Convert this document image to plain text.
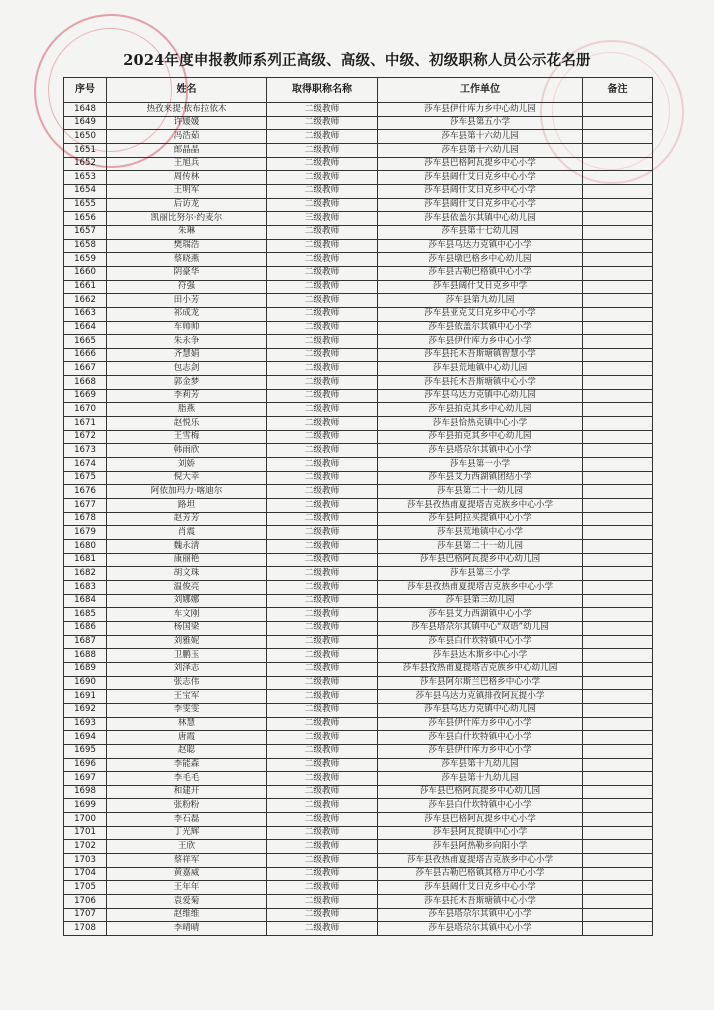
2024年度申报教师系列正高级、高级、中级、初级职称人员公示花名册
序号	姓名	取得职称名称	工作单位	备注
1648	热孜来提·依布拉依木	二级教师	莎车县伊什库力乡中心幼儿园	
1649	许媛媛	二级教师	莎车县第五小学	
1650	冯浩茹	二级教师	莎车县第十六幼儿园	
1651	郎晶晶	二级教师	莎车县第十六幼儿园	
1652	王旭兵	二级教师	莎车县巴格阿瓦提乡中心小学	
1653	周传林	二级教师	莎车县阔什艾日克乡中心小学	
1654	王明军	二级教师	莎车县阔什艾日克乡中心小学	
1655	后访龙	二级教师	莎车县阔什艾日克乡中心小学	
1656	凯丽比努尔·约麦尔	三级教师	莎车县依盖尔其镇中心幼儿园	
1657	朱琳	二级教师	莎车县第十七幼儿园	
1658	樊瑞浩	二级教师	莎车县乌达力克镇中心小学	
1659	蔡晓燕	二级教师	莎车县墩巴格乡中心幼儿园	
1660	阴豪华	二级教师	莎车县古勒巴格镇中心小学	
1661	符强	二级教师	莎车县阔什艾日克乡中学	
1662	田小芳	二级教师	莎车县第九幼儿园	
1663	祁成龙	二级教师	莎车县亚克艾日克乡中心小学	
1664	车帅帅	二级教师	莎车县依盖尔其镇中心小学	
1665	朱永争	二级教师	莎车县伊什库力乡中心小学	
1666	齐慧娟	二级教师	莎车县托木吾斯塘镇智慧小学	
1667	包志剑	二级教师	莎车县荒地镇中心幼儿园	
1668	郭金梦	二级教师	莎车县托木吾斯塘镇中心小学	
1669	李莉芳	二级教师	莎车县乌达力克镇中心幼儿园	
1670	脂燕	二级教师	莎车县拍克其乡中心幼儿园	
1671	赵悦乐	二级教师	莎车县恰热克镇中心小学	
1672	王雪梅	二级教师	莎车县拍克其乡中心幼儿园	
1673	韩雨欣	二级教师	莎车县塔尕尔其镇中心小学	
1674	刘娇	二级教师	莎车县第一小学	
1675	倪大幸	二级教师	莎车县艾力西湖镇团结小学	
1676	阿依加玛力·喀迪尔	二级教师	莎车县第二十一幼儿园	
1677	路坦	二级教师	莎车县孜热甫夏提塔吉克族乡中心小学	
1678	赵芳芳	二级教师	莎车县阿拉买提镇中心小学	
1679	肖震	二级教师	莎车县荒地镇中心小学	
1680	魏永清	二级教师	莎车县第二十一幼儿园	
1681	康丽艳	二级教师	莎车县巴格阿瓦提乡中心幼儿园	
1682	胡文珠	二级教师	莎车县第三小学	
1683	温俊亮	二级教师	莎车县孜热甫夏提塔吉克族乡中心小学	
1684	刘娜娜	二级教师	莎车县第三幼儿园	
1685	车文刚	二级教师	莎车县艾力西湖镇中心小学	
1686	杨国梁	二级教师	莎车县塔尕尔其镇中心“双语”幼儿园	
1687	刘雅妮	二级教师	莎车县白什坎特镇中心小学	
1688	卫鹏玉	二级教师	莎车县达木斯乡中心小学	
1689	刘泽志	二级教师	莎车县孜热甫夏提塔吉克族乡中心幼儿园	
1690	张志伟	二级教师	莎车县阿尔斯兰巴格乡中心小学	
1691	王宝军	二级教师	莎车县乌达力克镇排孜阿瓦提小学	
1692	李雯雯	二级教师	莎车县乌达力克镇中心幼儿园	
1693	林慧	二级教师	莎车县伊什库力乡中心小学	
1694	唐霞	二级教师	莎车县白什坎特镇中心小学	
1695	赵聪	二级教师	莎车县伊什库力乡中心小学	
1696	李能森	二级教师	莎车县第十九幼儿园	
1697	李毛毛	二级教师	莎车县第十九幼儿园	
1698	和建开	二级教师	莎车县巴格阿瓦提乡中心幼儿园	
1699	张粉粉	二级教师	莎车县白什坎特镇中心小学	
1700	李石磊	二级教师	莎车县巴格阿瓦提乡中心小学	
1701	丁光辉	二级教师	莎车县阿瓦提镇中心小学	
1702	王欣	二级教师	莎车县阿热勒乡向阳小学	
1703	蔡祥军	二级教师	莎车县孜热甫夏提塔吉克族乡中心小学	
1704	黄嘉威	二级教师	莎车县古勒巴格镇其格万中心小学	
1705	王年年	二级教师	莎车县阔什艾日克乡中心小学	
1706	袁爱菊	二级教师	莎车县托木吾斯塘镇中心小学	
1707	赵维维	二级教师	莎车县塔尕尔其镇中心小学	
1708	李晴晴	二级教师	莎车县塔尕尔其镇中心小学	
